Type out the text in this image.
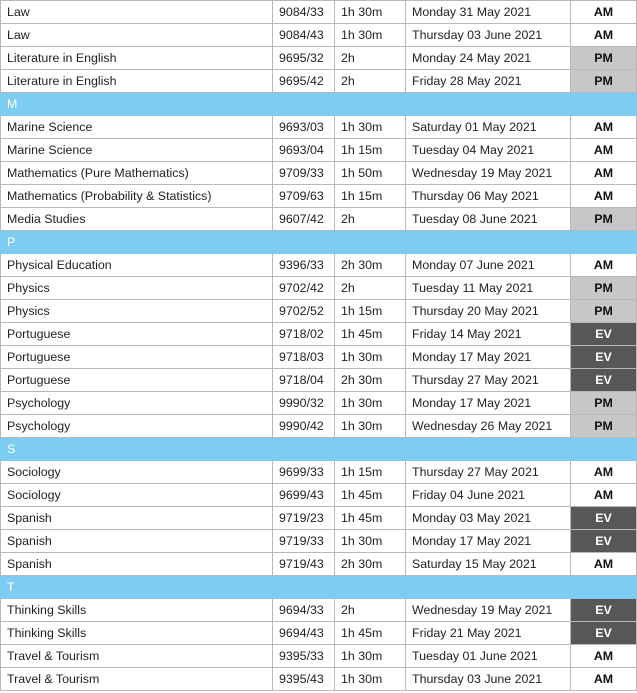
Law	9084/33	1h 30m	Monday 31 May 2021	AM
Law	9084/43	1h 30m	Thursday 03 June 2021	AM
Literature in English	9695/32	2h	Monday 24 May 2021	PM
Literature in English	9695/42	2h	Friday 28 May 2021	PM
M				
Marine Science	9693/03	1h 30m	Saturday 01 May 2021	AM
Marine Science	9693/04	1h 15m	Tuesday 04 May 2021	AM
Mathematics (Pure Mathematics)	9709/33	1h 50m	Wednesday 19 May 2021	AM
Mathematics (Probability & Statistics)	9709/63	1h 15m	Thursday 06 May 2021	AM
Media Studies	9607/42	2h	Tuesday 08 June 2021	PM
P				
Physical Education	9396/33	2h 30m	Monday 07 June 2021	AM
Physics	9702/42	2h	Tuesday 11 May 2021	PM
Physics	9702/52	1h 15m	Thursday 20 May 2021	PM
Portuguese	9718/02	1h 45m	Friday 14 May 2021	EV
Portuguese	9718/03	1h 30m	Monday 17 May 2021	EV
Portuguese	9718/04	2h 30m	Thursday 27 May 2021	EV
Psychology	9990/32	1h 30m	Monday 17 May 2021	PM
Psychology	9990/42	1h 30m	Wednesday 26 May 2021	PM
S				
Sociology	9699/33	1h 15m	Thursday 27 May 2021	AM
Sociology	9699/43	1h 45m	Friday 04 June 2021	AM
Spanish	9719/23	1h 45m	Monday 03 May 2021	EV
Spanish	9719/33	1h 30m	Monday 17 May 2021	EV
Spanish	9719/43	2h 30m	Saturday 15 May 2021	AM
T				
Thinking Skills	9694/33	2h	Wednesday 19 May 2021	EV
Thinking Skills	9694/43	1h 45m	Friday 21 May 2021	EV
Travel & Tourism	9395/33	1h 30m	Tuesday 01 June 2021	AM
Travel & Tourism	9395/43	1h 30m	Thursday 03 June 2021	AM
